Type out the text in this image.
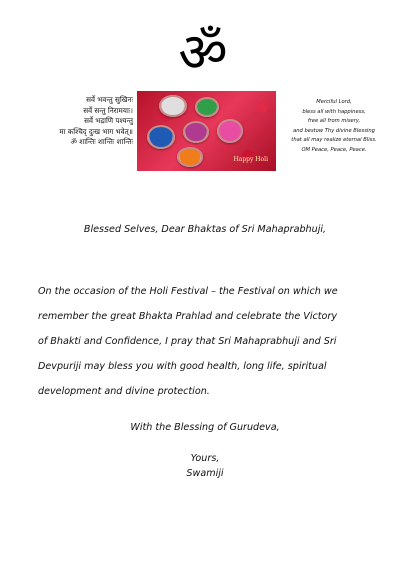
ॐ
सर्वे भवन्तु सुखिनः
सर्वे सन्तु निरामयाः।
सर्वे भद्राणि पश्यन्तु
मा कश्चिद् दुःख भाग भवेत्॥
ॐ शान्तिः शान्तिः शान्तिः
Happy Holi
Merciful Lord,
bless all with happiness,
free all from misery,
and bestow Thy divine Blessing
that all may realize eternal Bliss.
OM Peace, Peace, Peace.
Blessed Selves, Dear Bhaktas of Sri Mahaprabhuji,
On the occasion of the Holi Festival – the Festival on which we
remember the great Bhakta Prahlad and celebrate the Victory
of Bhakti and Confidence, I pray that Sri Mahaprabhuji and Sri
Devpuriji may bless you with good health, long life, spiritual
development and divine protection.
With the Blessing of Gurudeva,
Yours,
Swamiji
